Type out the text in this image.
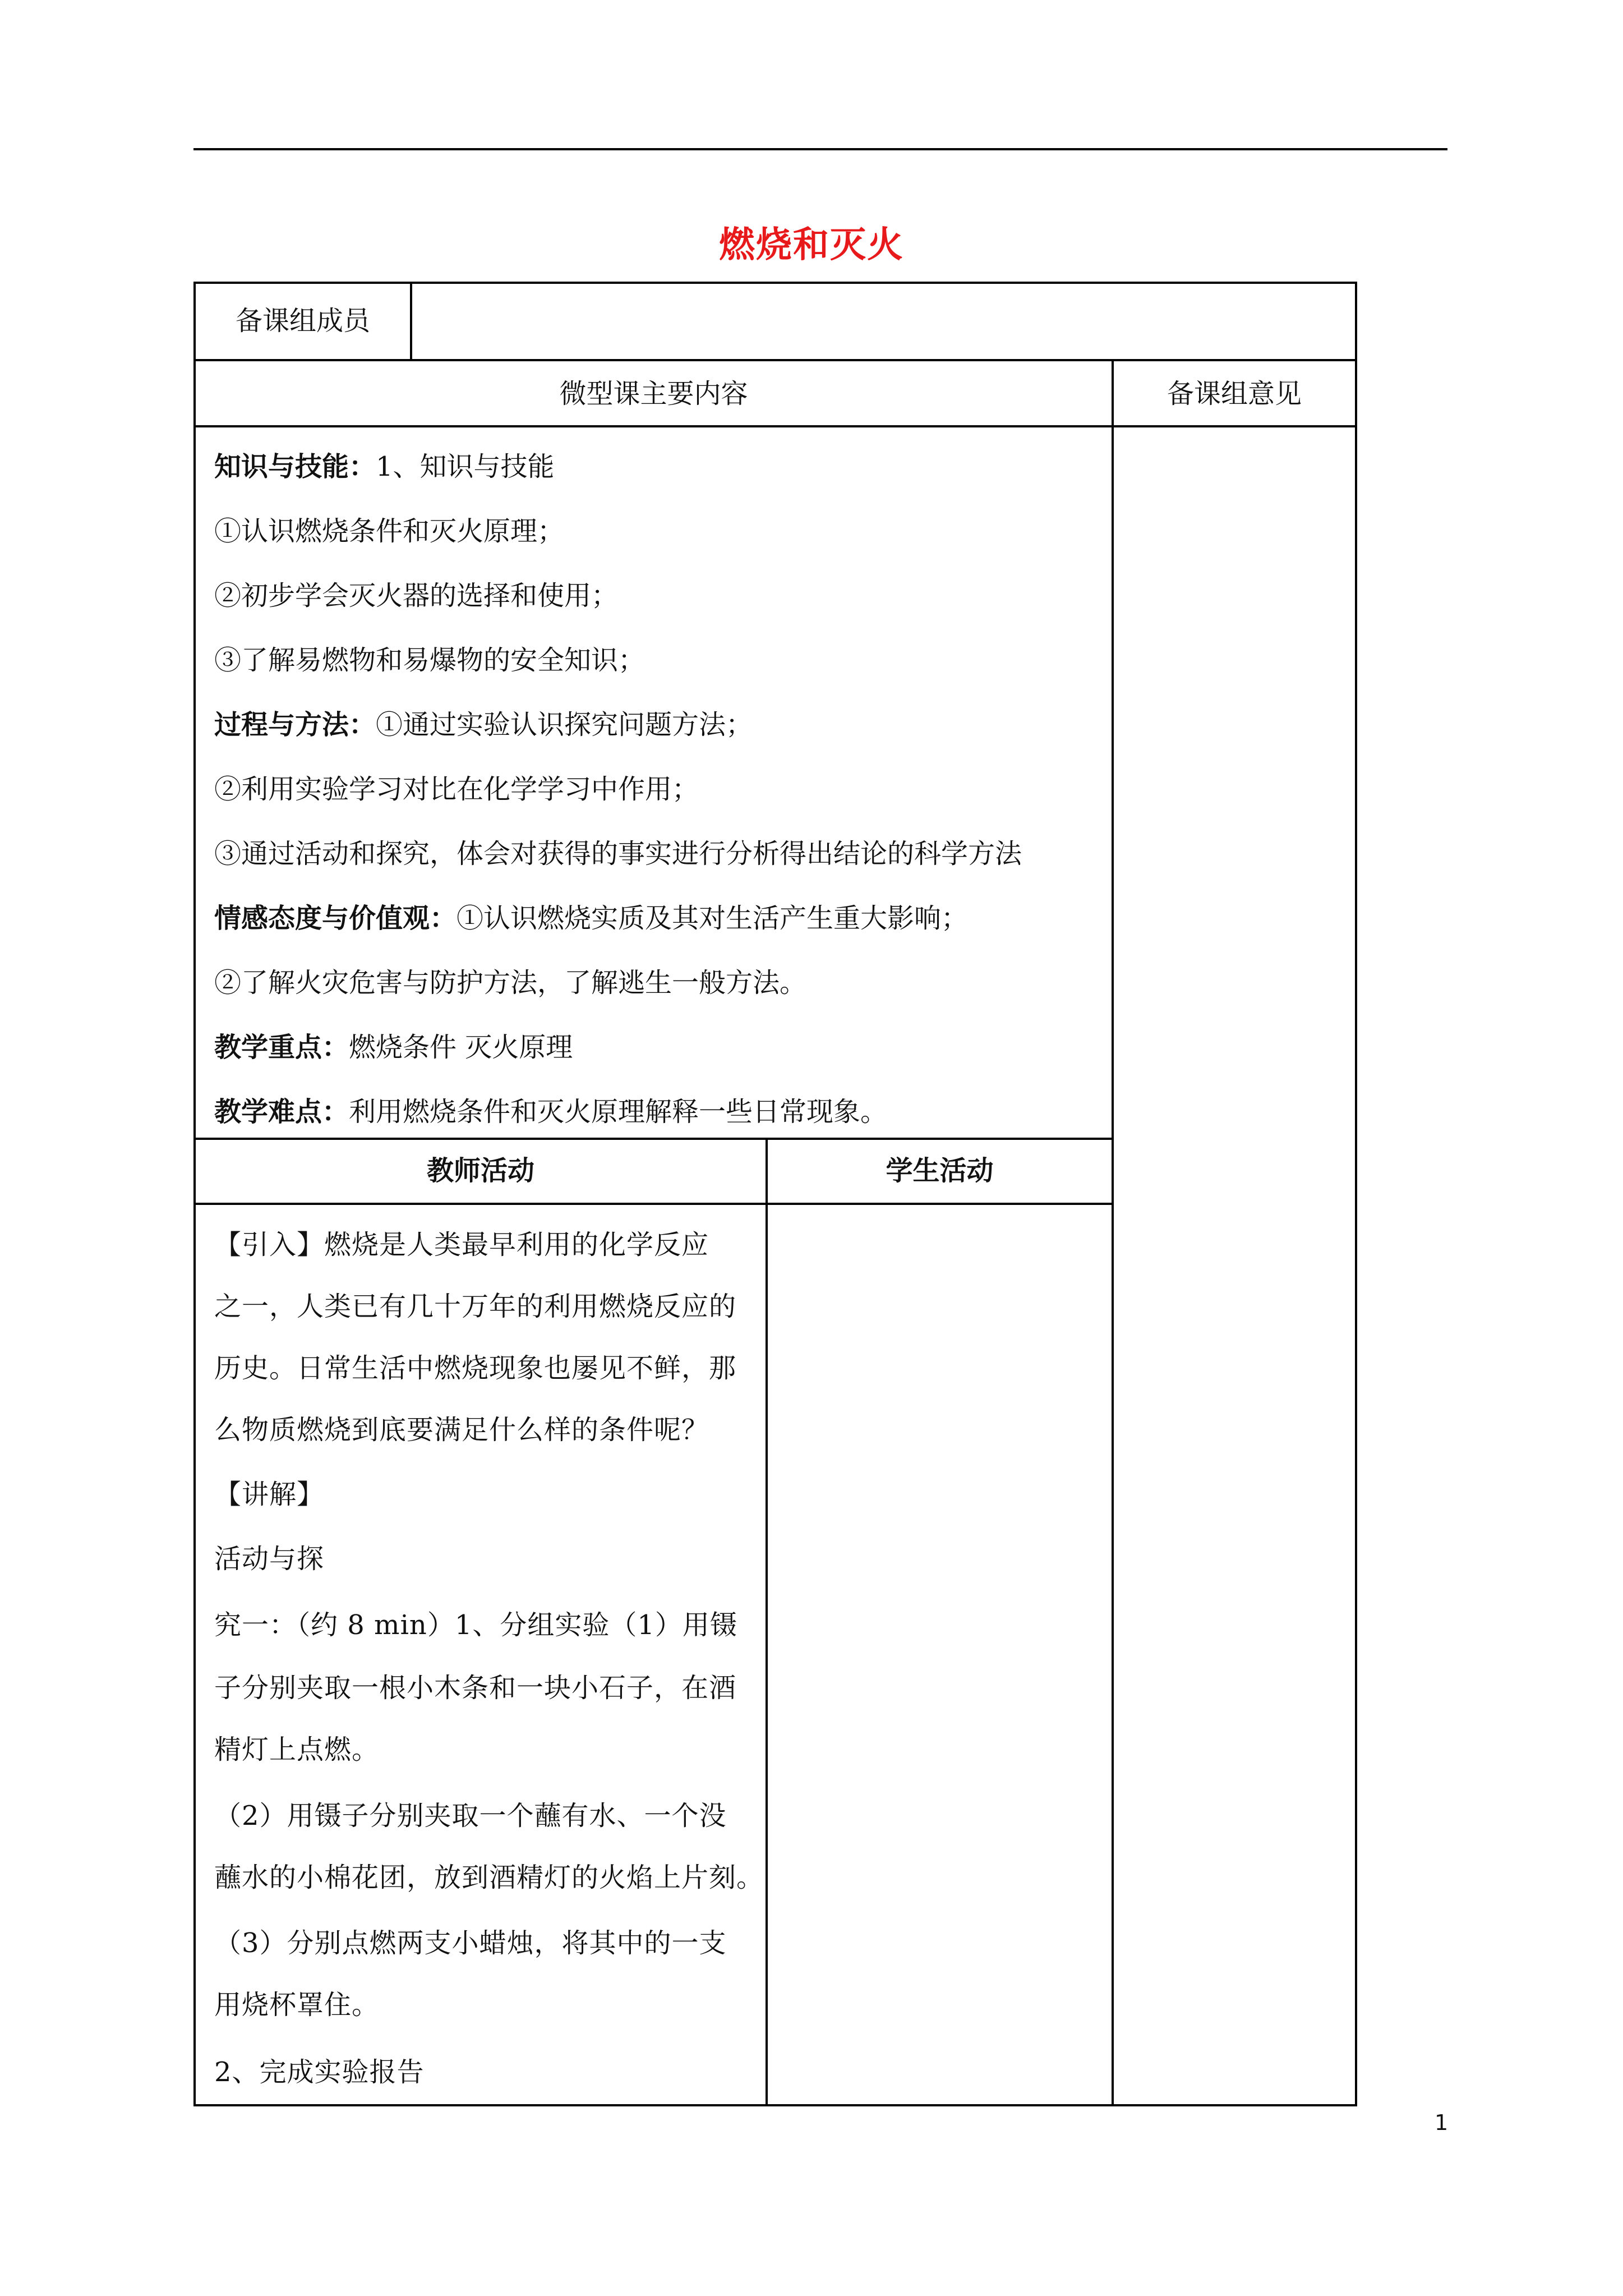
燃烧和灭火
备课组成员
微型课主要内容	备课组意见
知识与技能：1、知识与技能
①认识燃烧条件和灭火原理；
②初步学会灭火器的选择和使用；
③了解易燃物和易爆物的安全知识；
过程与方法：①通过实验认识探究问题方法；
②利用实验学习对比在化学学习中作用；
③通过活动和探究，体会对获得的事实进行分析得出结论的科学方法
情感态度与价值观：①认识燃烧实质及其对生活产生重大影响；
②了解火灾危害与防护方法，了解逃生一般方法。
教学重点：燃烧条件 灭火原理
教学难点：利用燃烧条件和灭火原理解释一些日常现象。
教师活动	学生活动
【引入】燃烧是人类最早利用的化学反应
之一，人类已有几十万年的利用燃烧反应的
历史。日常生活中燃烧现象也屡见不鲜，那
么物质燃烧到底要满足什么样的条件呢？
【讲解】
活动与探
究一：（约 8 min）1、分组实验（1）用镊
子分别夹取一根小木条和一块小石子，在酒
精灯上点燃。
（2）用镊子分别夹取一个蘸有水、一个没
蘸水的小棉花团，放到酒精灯的火焰上片刻。
（3）分别点燃两支小蜡烛，将其中的一支
用烧杯罩住。
2、完成实验报告
1
